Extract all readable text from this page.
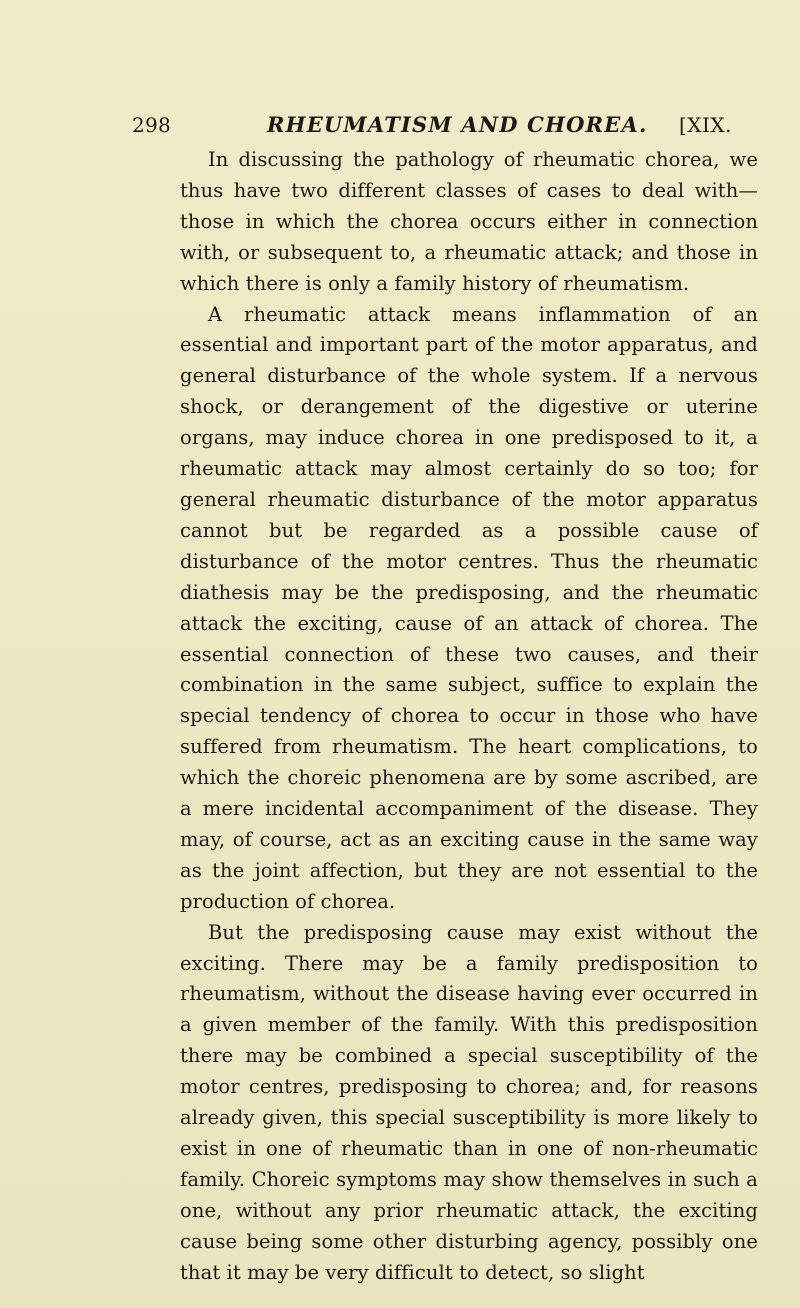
298	RHEUMATISM AND CHOREA. [XIX.

In discussing the pathology of rheumatic chorea, we thus have two different classes of cases to deal with—those in which the chorea occurs either in connection with, or subsequent to, a rheumatic attack; and those in which there is only a family history of rheumatism.

A rheumatic attack means inflammation of an essential and important part of the motor apparatus, and general disturbance of the whole system. If a nervous shock, or derangement of the digestive or uterine organs, may induce chorea in one predisposed to it, a rheumatic attack may almost certainly do so too; for general rheumatic disturbance of the motor apparatus cannot but be regarded as a possible cause of disturbance of the motor centres. Thus the rheumatic diathesis may be the predisposing, and the rheumatic attack the exciting, cause of an attack of chorea. The essential connection of these two causes, and their combination in the same subject, suffice to explain the special tendency of chorea to occur in those who have suffered from rheumatism. The heart complications, to which the choreic phenomena are by some ascribed, are a mere incidental accompaniment of the disease. They may, of course, act as an exciting cause in the same way as the joint affection, but they are not essential to the production of chorea.

But the predisposing cause may exist without the exciting. There may be a family predisposition to rheumatism, without the disease having ever occurred in a given member of the family. With this predisposition there may be combined a special susceptibility of the motor centres, predisposing to chorea; and, for reasons already given, this special susceptibility is more likely to exist in one of rheumatic than in one of non-rheumatic family. Choreic symptoms may show themselves in such a one, without any prior rheumatic attack, the exciting cause being some other disturbing agency, possibly one that it may be very difficult to detect, so slight
